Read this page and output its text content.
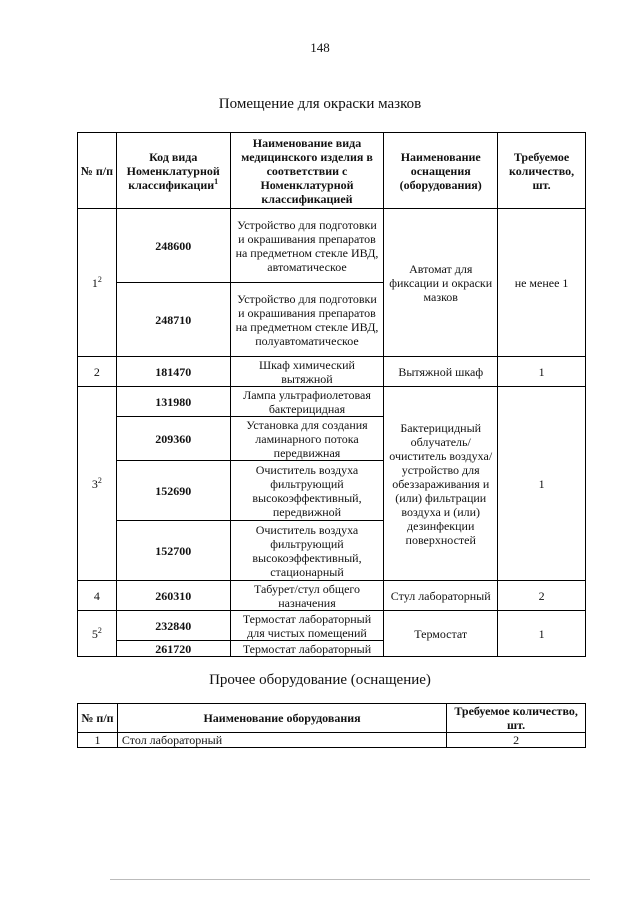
148
Помещение для окраски мазков
№ п/п	Код вида Номенклатурной классификации$^1$	Наименование вида медицинского изделия в соответствии с Номенклатурной классификацией	Наименование оснащения (оборудования)	Требуемое количество, шт.
$1^2$	248600	Устройство для подготовки и окрашивания препаратов на предметном стекле ИВД, автоматическое	Автомат для фиксации и окраски мазков	не менее 1
	248710	Устройство для подготовки и окрашивания препаратов на предметном стекле ИВД, полуавтоматическое		
2	181470	Шкаф химический вытяжной	Вытяжной шкаф	1
$3^2$	131980	Лампа ультрафиолетовая бактерицидная	Бактерицидный облучатель/ очиститель воздуха/ устройство для обеззараживания и (или) фильтрации воздуха и (или) дезинфекции поверхностей	1
	209360	Установка для создания ламинарного потока передвижная		
	152690	Очиститель воздуха фильтрующий высокоэффективный, передвижной		
	152700	Очиститель воздуха фильтрующий высокоэффективный, стационарный		
4	260310	Табурет/стул общего назначения	Стул лабораторный	2
$5^2$	232840	Термостат лабораторный для чистых помещений	Термостат	1
	261720	Термостат лабораторный		
Прочее оборудование (оснащение)
№ п/п	Наименование оборудования	Требуемое количество, шт.
1	Стол лабораторный	2
